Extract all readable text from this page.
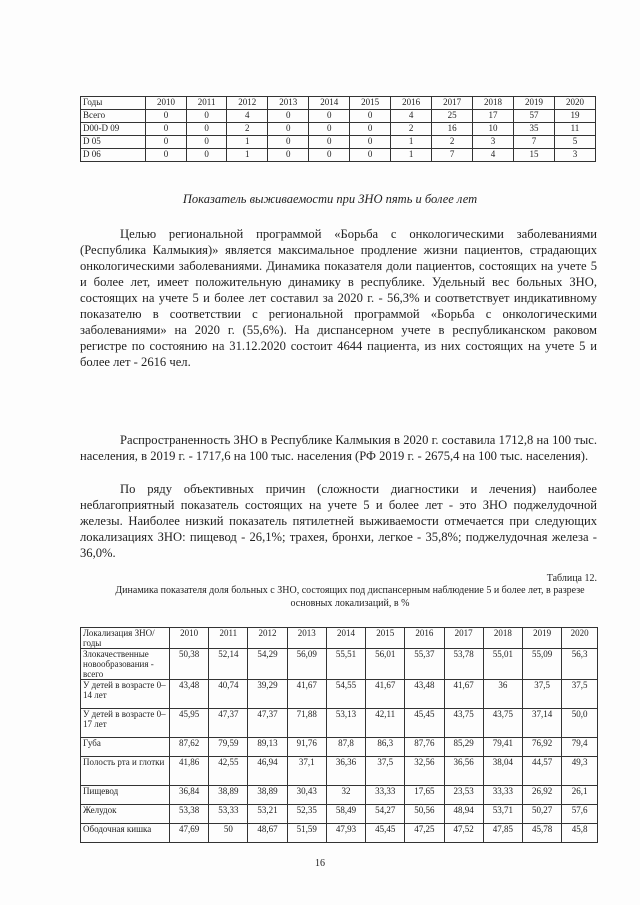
Годы	2010	2011	2012	2013	2014	2015	2016	2017	2018	2019	2020
Всего	0	0	4	0	0	0	4	25	17	57	19
D00-D 09	0	0	2	0	0	0	2	16	10	35	11
D 05	0	0	1	0	0	0	1	2	3	7	5
D 06	0	0	1	0	0	0	1	7	4	15	3
Показатель выживаемости при ЗНО пять и более лет

Целью региональной программой «Борьба с онкологическими заболеваниями (Республика Калмыкия)» является максимальное продление жизни пациентов, страдающих онкологическими заболеваниями. Динамика показателя доли пациентов, состоящих на учете 5 и более лет, имеет положительную динамику в республике. Удельный вес больных ЗНО, состоящих на учете 5 и более лет составил за 2020 г. - 56,3% и соответствует индикативному показателю в соответствии с региональной программой «Борьба с онкологическими заболеваниями» на 2020 г. (55,6%). На диспансерном учете в республиканском раковом регистре по состоянию на 31.12.2020 состоит 4644 пациента, из них состоящих на учете 5 и более лет - 2616 чел.

Распространенность ЗНО в Республике Калмыкия в 2020 г. составила 1712,8 на 100 тыс. населения, в 2019 г. - 1717,6 на 100 тыс. населения (РФ 2019 г. - 2675,4 на 100 тыс. населения).

По ряду объективных причин (сложности диагностики и лечения) наиболее неблагоприятный показатель состоящих на учете 5 и более лет - это ЗНО поджелудочной железы. Наиболее низкий показатель пятилетней выживаемости отмечается при следующих локализациях ЗНО: пищевод - 26,1%; трахея, бронхи, легкое - 35,8%; поджелудочная железа - 36,0%.

Таблица 12.
Динамика показателя доля больных с ЗНО, состоящих под диспансерным наблюдение 5 и более лет, в разрезе основных локализаций, в %
Локализация ЗНО/ годы	2010	2011	2012	2013	2014	2015	2016	2017	2018	2019	2020
Злокачественные новообразования - всего	50,38	52,14	54,29	56,09	55,51	56,01	55,37	53,78	55,01	55,09	56,3
У детей в возрасте 0–14 лет	43,48	40,74	39,29	41,67	54,55	41,67	43,48	41,67	36	37,5	37,5
У детей в возрасте 0–17 лет	45,95	47,37	47,37	71,88	53,13	42,11	45,45	43,75	43,75	37,14	50,0
Губа	87,62	79,59	89,13	91,76	87,8	86,3	87,76	85,29	79,41	76,92	79,4
Полость рта и глотки	41,86	42,55	46,94	37,1	36,36	37,5	32,56	36,56	38,04	44,57	49,3
Пищевод	36,84	38,89	38,89	30,43	32	33,33	17,65	23,53	33,33	26,92	26,1
Желудок	53,38	53,33	53,21	52,35	58,49	54,27	50,56	48,94	53,71	50,27	57,6
Ободочная кишка	47,69	50	48,67	51,59	47,93	45,45	47,25	47,52	47,85	45,78	45,8
16
